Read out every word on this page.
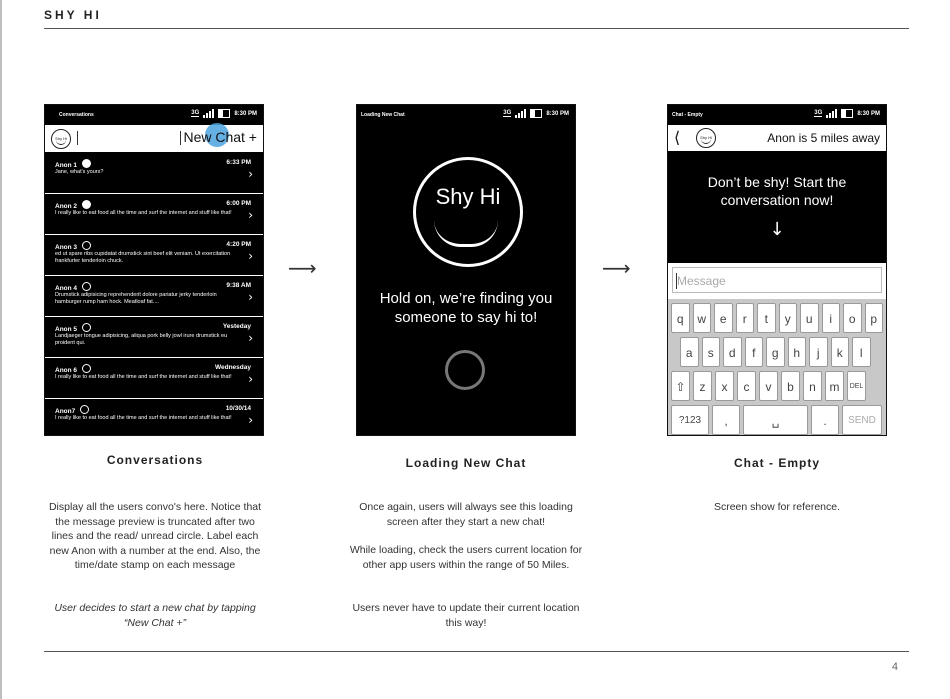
SHY HI
Conversations	3G	8:30 PM
Shy Hi	New Chat +
Anon 1	6:33 PM
Jane, what's yours?	›
Anon 2	6:00 PM
I really like to eat food all the time and surf the internet and stuff like that! ›
Anon 3	4:20 PM
ed ut spare ribs cupidatat drumstick sint beef elit veniam. Ut exercitation frankfurter tenderloin chuck.	›
Anon 4	9:38 AM
Drumstick adipisicing reprehenderit dolore pariatur jerky tenderloin hamburger rump ham hock. Meatloaf fat....	›
Anon 5	Yesteday
Landjaeger tongue adipisicing, aliqua pork belly jowl irure drumstick eu proident qui.	›
Anon 6	Wednesday
I really like to eat food all the time and surf the internet and stuff like that! ›
Anon7	10/30/14
I really like to eat food all the time and surf the internet and stuff like that! ›
⟶
Loading New Chat	3G	8:30 PM
Shy Hi
Hold on, we’re finding you someone to say hi to!
⟶
Chat - Empty	3G	8:30 PM
⟨	Shy Hi	Anon is 5 miles away
Don’t be shy! Start the conversation now!
↓
Message
q	w	e	r	t	y	u	i	o	p
a	s	d	f	g	h	j	k	l
⇧	z	x	c	v	b	n	m	DEL
?123	,	␣	.	SEND
Conversations	Loading New Chat	Chat - Empty
Display all the users convo's here. Notice that the message preview is truncated after two lines and the read/ unread circle. Label each new Anon with a number at the end. Also, the time/date stamp on each message
User decides to start a new chat by tapping “New Chat +”
Once again, users will always see this loading screen after they start a new chat!
While loading, check the users current location for other app users within the range of 50 Miles.
Users never have to update their current location this way!
Screen show for reference.
4
